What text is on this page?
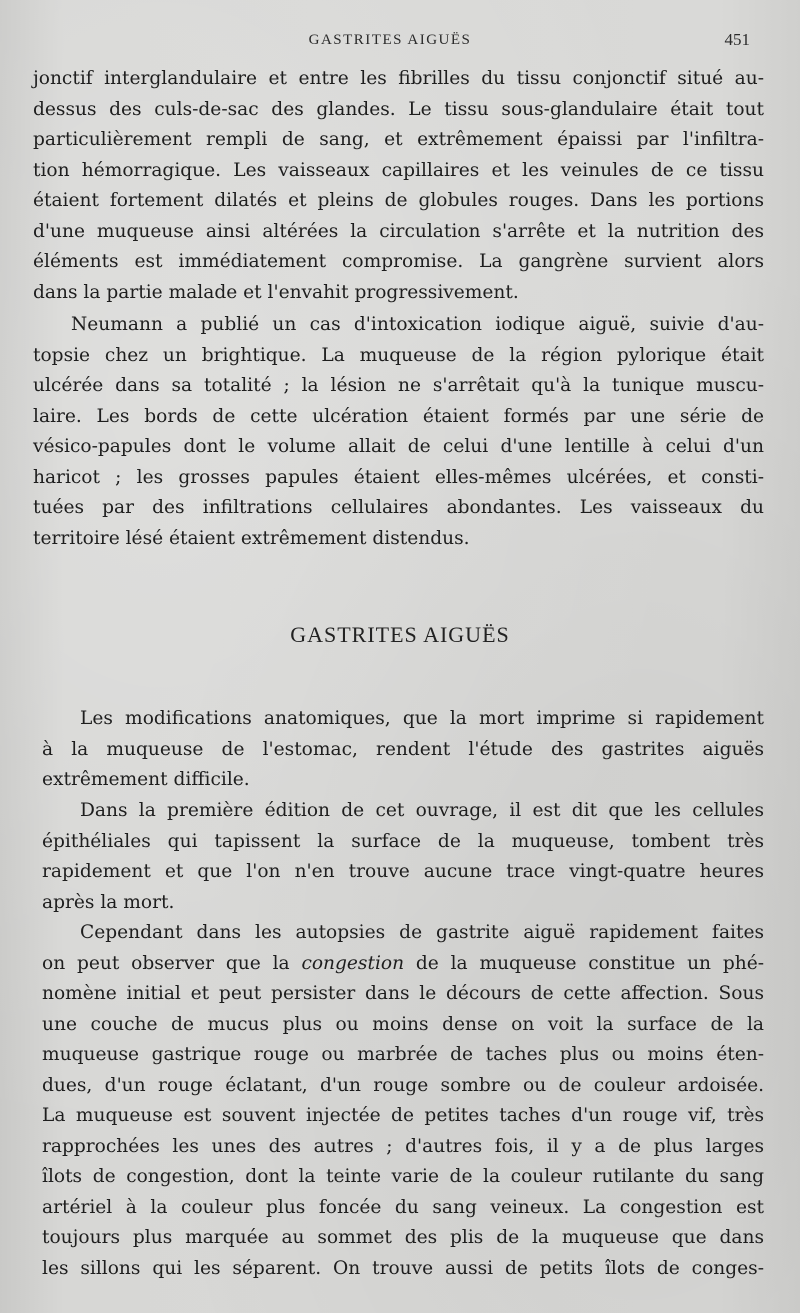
GASTRITES AIGUËS	451
jonctif interglandulaire et entre les fibrilles du tissu conjonctif situé au-
dessus des culs-de-sac des glandes. Le tissu sous-glandulaire était tout
particulièrement rempli de sang, et extrêmement épaissi par l'infiltra-
tion hémorragique. Les vaisseaux capillaires et les veinules de ce tissu
étaient fortement dilatés et pleins de globules rouges. Dans les portions
d'une muqueuse ainsi altérées la circulation s'arrête et la nutrition des
éléments est immédiatement compromise. La gangrène survient alors
dans la partie malade et l'envahit progressivement.
Neumann a publié un cas d'intoxication iodique aiguë, suivie d'au-
topsie chez un brightique. La muqueuse de la région pylorique était
ulcérée dans sa totalité ; la lésion ne s'arrêtait qu'à la tunique muscu-
laire. Les bords de cette ulcération étaient formés par une série de
vésico-papules dont le volume allait de celui d'une lentille à celui d'un
haricot ; les grosses papules étaient elles-mêmes ulcérées, et consti-
tuées par des infiltrations cellulaires abondantes. Les vaisseaux du
territoire lésé étaient extrêmement distendus.
GASTRITES AIGUËS
Les modifications anatomiques, que la mort imprime si rapidement
à la muqueuse de l'estomac, rendent l'étude des gastrites aiguës
extrêmement difficile.
Dans la première édition de cet ouvrage, il est dit que les cellules
épithéliales qui tapissent la surface de la muqueuse, tombent très
rapidement et que l'on n'en trouve aucune trace vingt-quatre heures
après la mort.
Cependant dans les autopsies de gastrite aiguë rapidement faites
on peut observer que la congestion de la muqueuse constitue un phé-
nomène initial et peut persister dans le décours de cette affection. Sous
une couche de mucus plus ou moins dense on voit la surface de la
muqueuse gastrique rouge ou marbrée de taches plus ou moins éten-
dues, d'un rouge éclatant, d'un rouge sombre ou de couleur ardoisée.
La muqueuse est souvent injectée de petites taches d'un rouge vif, très
rapprochées les unes des autres ; d'autres fois, il y a de plus larges
îlots de congestion, dont la teinte varie de la couleur rutilante du sang
artériel à la couleur plus foncée du sang veineux. La congestion est
toujours plus marquée au sommet des plis de la muqueuse que dans
les sillons qui les séparent. On trouve aussi de petits îlots de conges-
